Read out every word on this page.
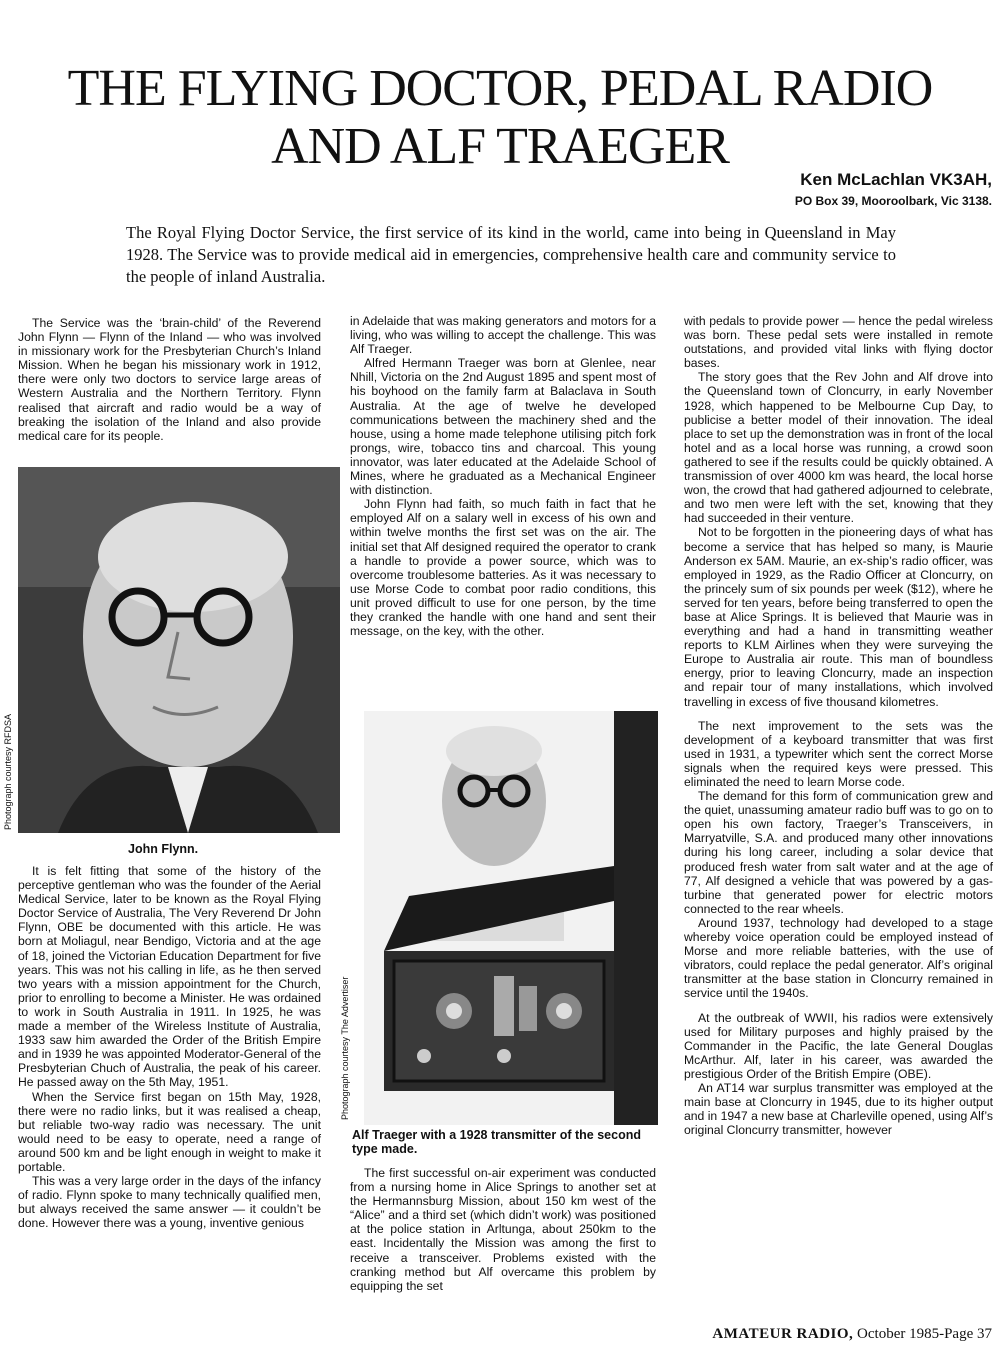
THE FLYING DOCTOR, PEDAL RADIO AND ALF TRAEGER
Ken McLachlan VK3AH,
PO Box 39, Mooroolbark, Vic 3138.

The Royal Flying Doctor Service, the first service of its kind in the world, came into being in Queensland in May 1928. The Service was to provide medical aid in emergencies, comprehensive health care and community service to the people of inland Australia.

The Service was the ‘brain-child’ of the Reverend John Flynn — Flynn of the Inland — who was involved in missionary work for the Presbyterian Church’s Inland Mission. When he began his missionary work in 1912, there were only two doctors to service large areas of Western Australia and the Northern Territory. Flynn realised that aircraft and radio would be a way of breaking the isolation of the Inland and also provide medical care for its people.

Photograph courtesy RFDSA
John Flynn.

It is felt fitting that some of the history of the perceptive gentleman who was the founder of the Aerial Medical Service, later to be known as the Royal Flying Doctor Service of Australia, The Very Reverend Dr John Flynn, OBE be documented with this article. He was born at Moliagul, near Bendigo, Victoria and at the age of 18, joined the Victorian Education Department for five years. This was not his calling in life, as he then served two years with a mission appointment for the Church, prior to enrolling to become a Minister. He was ordained to work in South Australia in 1911. In 1925, he was made a member of the Wireless Institute of Australia, 1933 saw him awarded the Order of the British Empire and in 1939 he was appointed Moderator-General of the Presbyterian Chuch of Australia, the peak of his career. He passed away on the 5th May, 1951.

When the Service first began on 15th May, 1928, there were no radio links, but it was realised a cheap, but reliable two-way radio was necessary. The unit would need to be easy to operate, need a range of around 500 km and be light enough in weight to make it portable.

This was a very large order in the days of the infancy of radio. Flynn spoke to many technically qualified men, but always received the same answer — it couldn’t be done. However there was a young, inventive genious

in Adelaide that was making generators and motors for a living, who was willing to accept the challenge. This was Alf Traeger.

Alfred Hermann Traeger was born at Glenlee, near Nhill, Victoria on the 2nd August 1895 and spent most of his boyhood on the family farm at Balaclava in South Australia. At the age of twelve he developed communications between the machinery shed and the house, using a home made telephone utilising pitch fork prongs, wire, tobacco tins and charcoal. This young innovator, was later educated at the Adelaide School of Mines, where he graduated as a Mechanical Engineer with distinction.

John Flynn had faith, so much faith in fact that he employed Alf on a salary well in excess of his own and within twelve months the first set was on the air. The initial set that Alf designed required the operator to crank a handle to provide a power source, which was to overcome troublesome batteries. As it was necessary to use Morse Code to combat poor radio conditions, this unit proved difficult to use for one person, by the time they cranked the handle with one hand and sent their message, on the key, with the other.

Photograph courtesy The Advertiser
Alf Traeger with a 1928 transmitter of the second type made.

The first successful on-air experiment was conducted from a nursing home in Alice Springs to another set at the Hermannsburg Mission, about 150 km west of the “Alice” and a third set (which didn’t work) was positioned at the police station in Arltunga, about 250km to the east. Incidentally the Mission was among the first to receive a transceiver. Problems existed with the cranking method but Alf overcame this problem by equipping the set

with pedals to provide power — hence the pedal wireless was born. These pedal sets were installed in remote outstations, and provided vital links with flying doctor bases.

The story goes that the Rev John and Alf drove into the Queensland town of Cloncurry, in early November 1928, which happened to be Melbourne Cup Day, to publicise a better model of their innovation. The ideal place to set up the demonstration was in front of the local hotel and as a local horse was running, a crowd soon gathered to see if the results could be quickly obtained. A transmission of over 4000 km was heard, the local horse won, the crowd that had gathered adjourned to celebrate, and two men were left with the set, knowing that they had succeeded in their venture.

Not to be forgotten in the pioneering days of what has become a service that has helped so many, is Maurie Anderson ex 5AM. Maurie, an ex-ship’s radio officer, was employed in 1929, as the Radio Officer at Cloncurry, on the princely sum of six pounds per week ($12), where he served for ten years, before being transferred to open the base at Alice Springs. It is believed that Maurie was in everything and had a hand in transmitting weather reports to KLM Airlines when they were surveying the Europe to Australia air route. This man of boundless energy, prior to leaving Cloncurry, made an inspection and repair tour of many installations, which involved travelling in excess of five thousand kilometres.

The next improvement to the sets was the development of a keyboard transmitter that was first used in 1931, a typewriter which sent the correct Morse signals when the required keys were pressed. This eliminated the need to learn Morse code.

The demand for this form of communication grew and the quiet, unassuming amateur radio buff was to go on to open his own factory, Traeger’s Transceivers, in Marryatville, S.A. and produced many other innovations during his long career, including a solar device that produced fresh water from salt water and at the age of 77, Alf designed a vehicle that was powered by a gas-turbine that generated power for electric motors connected to the rear wheels.

Around 1937, technology had developed to a stage whereby voice operation could be employed instead of Morse and more reliable batteries, with the use of vibrators, could replace the pedal generator. Alf’s original transmitter at the base station in Cloncurry remained in service until the 1940s.

At the outbreak of WWII, his radios were extensively used for Military purposes and highly praised by the Commander in the Pacific, the late General Douglas McArthur. Alf, later in his career, was awarded the prestigious Order of the British Empire (OBE).

An AT14 war surplus transmitter was employed at the main base at Cloncurry in 1945, due to its higher output and in 1947 a new base at Charleville opened, using Alf’s original Cloncurry transmitter, however

AMATEUR RADIO, October 1985-Page 37
